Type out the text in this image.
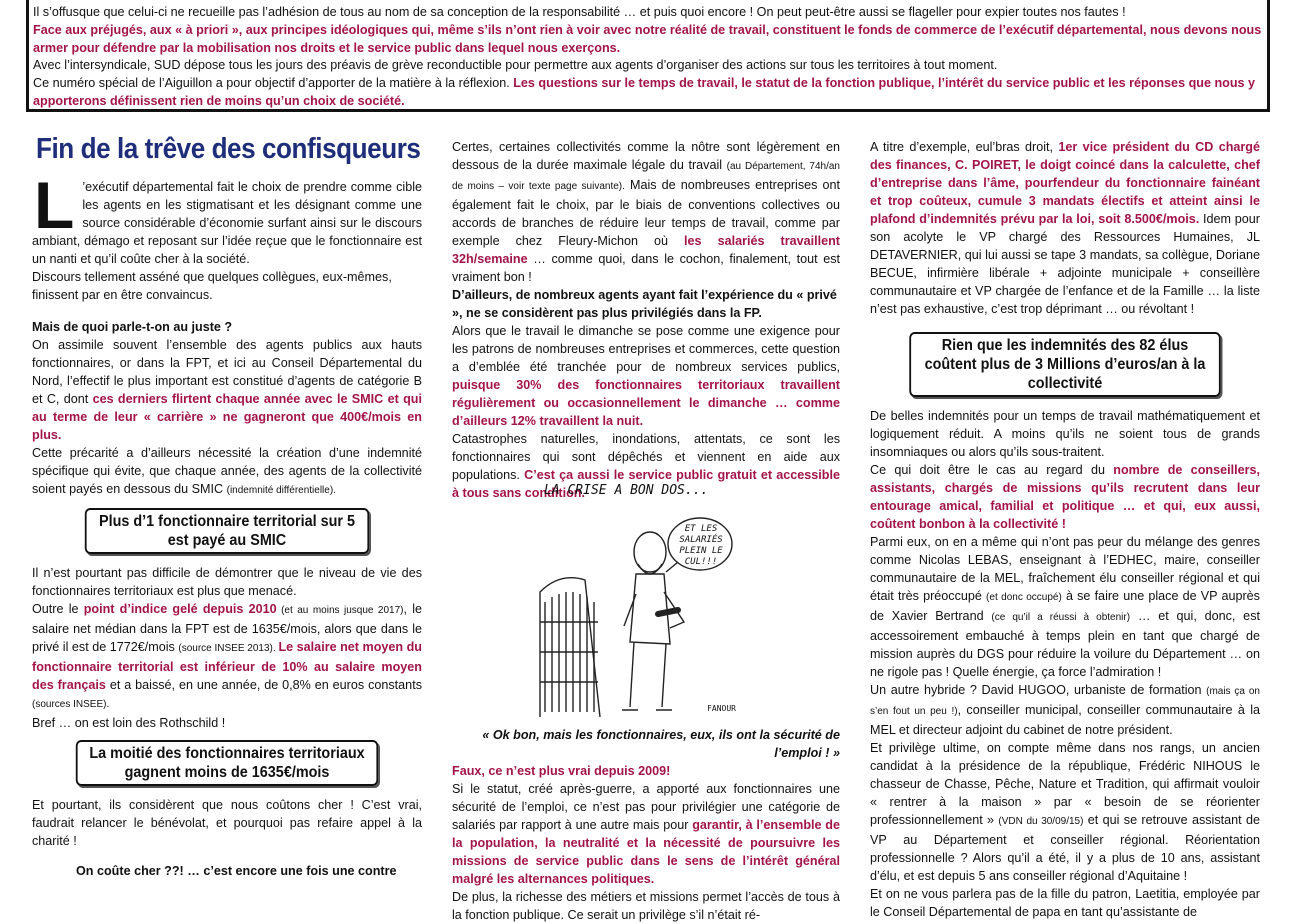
Il s’offusque que celui-ci ne recueille pas l’adhésion de tous au nom de sa conception de la responsabilité … et puis quoi encore ! On peut peut-être aussi se flageller pour expier toutes nos fautes !

Face aux préjugés, aux « à priori », aux principes idéologiques qui, même s’ils n’ont rien à voir avec notre réalité de travail, constituent le fonds de commerce de l’exécutif départemental, nous devons nous armer pour défendre par la mobilisation nos droits et le service public dans lequel nous exerçons.

Avec l’intersyndicale, SUD dépose tous les jours des préavis de grève reconductible pour permettre aux agents d’organiser des actions sur tous les territoires à tout moment.

Ce numéro spécial de l’Aiguillon a pour objectif d’apporter de la matière à la réflexion. Les questions sur le temps de travail, le statut de la fonction publique, l’intérêt du service public et les réponses que nous y apporterons définissent rien de moins qu’un choix de société.

Fin de la trêve des confisqueurs

L ’exécutif départemental fait le choix de prendre comme cible les agents en les stigmatisant et les désignant comme une source considérable d’économie surfant ainsi sur le discours ambiant, démago et reposant sur l’idée reçue que le fonctionnaire est un nanti et qu’il coûte cher à la société.

Discours tellement asséné que quelques collègues, eux-mêmes, finissent par en être convaincus.

Mais de quoi parle-t-on au juste ?

On assimile souvent l’ensemble des agents publics aux hauts fonctionnaires, or dans la FPT, et ici au Conseil Départemental du Nord, l’effectif le plus important est constitué d’agents de catégorie B et C, dont ces derniers flirtent chaque année avec le SMIC et qui au terme de leur « carrière » ne gagneront que 400€/mois en plus.

Cette précarité a d’ailleurs nécessité la création d’une indemnité spécifique qui évite, que chaque année, des agents de la collectivité soient payés en dessous du SMIC (indemnité différentielle).

Plus d’1 fonctionnaire territorial sur 5 est payé au SMIC

Il n’est pourtant pas difficile de démontrer que le niveau de vie des fonctionnaires territoriaux est plus que menacé.

Outre le point d’indice gelé depuis 2010 (et au moins jusque 2017), le salaire net médian dans la FPT est de 1635€/mois, alors que dans le privé il est de 1772€/mois (source INSEE 2013). Le salaire net moyen du fonctionnaire territorial est inférieur de 10% au salaire moyen des français et a baissé, en une année, de 0,8% en euros constants (sources INSEE).

Bref … on est loin des Rothschild !

La moitié des fonctionnaires territoriaux gagnent moins de 1635€/mois

Et pourtant, ils considèrent que nous coûtons cher ! C’est vrai, faudrait relancer le bénévolat, et pourquoi pas refaire appel à la charité !

On coûte cher ??! … c’est encore une fois une contre

Certes, certaines collectivités comme la nôtre sont légèrement en dessous de la durée maximale légale du travail (au Département, 74h/an de moins – voir texte page suivante). Mais de nombreuses entreprises ont également fait le choix, par le biais de conventions collectives ou accords de branches de réduire leur temps de travail, comme par exemple chez Fleury-Michon où les salariés travaillent 32h/semaine … comme quoi, dans le cochon, finalement, tout est vraiment bon !

D’ailleurs, de nombreux agents ayant fait l’expérience du « privé », ne se considèrent pas plus privilégiés dans la FP.

Alors que le travail le dimanche se pose comme une exigence pour les patrons de nombreuses entreprises et commerces, cette question a d’emblée été tranchée pour de nombreux services publics, puisque 30% des fonctionnaires territoriaux travaillent régulièrement ou occasionnellement le dimanche … comme d’ailleurs 12% travaillent la nuit.

Catastrophes naturelles, inondations, attentats, ce sont les fonctionnaires qui sont dépêchés et viennent en aide aux populations. C’est ça aussi le service public gratuit et accessible à tous sans condition.

LA CRISE A BON DOS...
ET LES SALARIÉS PLEIN LE CUL!!!
FANOUR

« Ok bon, mais les fonctionnaires, eux, ils ont la sécurité de l’emploi ! »

Faux, ce n’est plus vrai depuis 2009!

Si le statut, créé après-guerre, a apporté aux fonctionnaires une sécurité de l’emploi, ce n’est pas pour privilégier une catégorie de salariés par rapport à une autre mais pour garantir, à l’ensemble de la population, la neutralité et la nécessité de poursuivre les missions de service public dans le sens de l’intérêt général malgré les alternances politiques.

De plus, la richesse des métiers et missions permet l’accès de tous à la fonction publique. Ce serait un privilège s’il n’était ré-

A titre d’exemple, eul’bras droit, 1er vice président du CD chargé des finances, C. POIRET, le doigt coincé dans la calculette, chef d’entreprise dans l’âme, pourfendeur du fonctionnaire fainéant et trop coûteux, cumule 3 mandats électifs et atteint ainsi le plafond d’indemnités prévu par la loi, soit 8.500€/mois. Idem pour son acolyte le VP chargé des Ressources Humaines, JL DETAVERNIER, qui lui aussi se tape 3 mandats, sa collègue, Doriane BECUE, infirmière libérale + adjointe municipale + conseillère communautaire et VP chargée de l’enfance et de la Famille … la liste n’est pas exhaustive, c’est trop déprimant … ou révoltant !

Rien que les indemnités des 82 élus coûtent plus de 3 Millions d’euros/an à la collectivité

De belles indemnités pour un temps de travail mathématiquement et logiquement réduit. A moins qu’ils ne soient tous de grands insomniaques ou alors qu’ils sous-traitent.

Ce qui doit être le cas au regard du nombre de conseillers, assistants, chargés de missions qu’ils recrutent dans leur entourage amical, familial et politique … et qui, eux aussi, coûtent bonbon à la collectivité !

Parmi eux, on en a même qui n’ont pas peur du mélange des genres comme Nicolas LEBAS, enseignant à l’EDHEC, maire, conseiller communautaire de la MEL, fraîchement élu conseiller régional et qui était très préoccupé (et donc occupé) à se faire une place de VP auprès de Xavier Bertrand (ce qu’il a réussi à obtenir) … et qui, donc, est accessoirement embauché à temps plein en tant que chargé de mission auprès du DGS pour réduire la voilure du Département … on ne rigole pas ! Quelle énergie, ça force l’admiration !

Un autre hybride ? David HUGOO, urbaniste de formation (mais ça on s’en fout un peu !), conseiller municipal, conseiller communautaire à la MEL et directeur adjoint du cabinet de notre président.

Et privilège ultime, on compte même dans nos rangs, un ancien candidat à la présidence de la république, Frédéric NIHOUS le chasseur de Chasse, Pêche, Nature et Tradition, qui affirmait vouloir « rentrer à la maison » par « besoin de se réorienter professionnellement » (VDN du 30/09/15) et qui se retrouve assistant de VP au Département et conseiller régional. Réorientation professionnelle ? Alors qu’il a été, il y a plus de 10 ans, assistant d’élu, et est depuis 5 ans conseiller régional d’Aquitaine !

Et on ne vous parlera pas de la fille du patron, Laetitia, employée par le Conseil Départemental de papa en tant qu’assistante de
